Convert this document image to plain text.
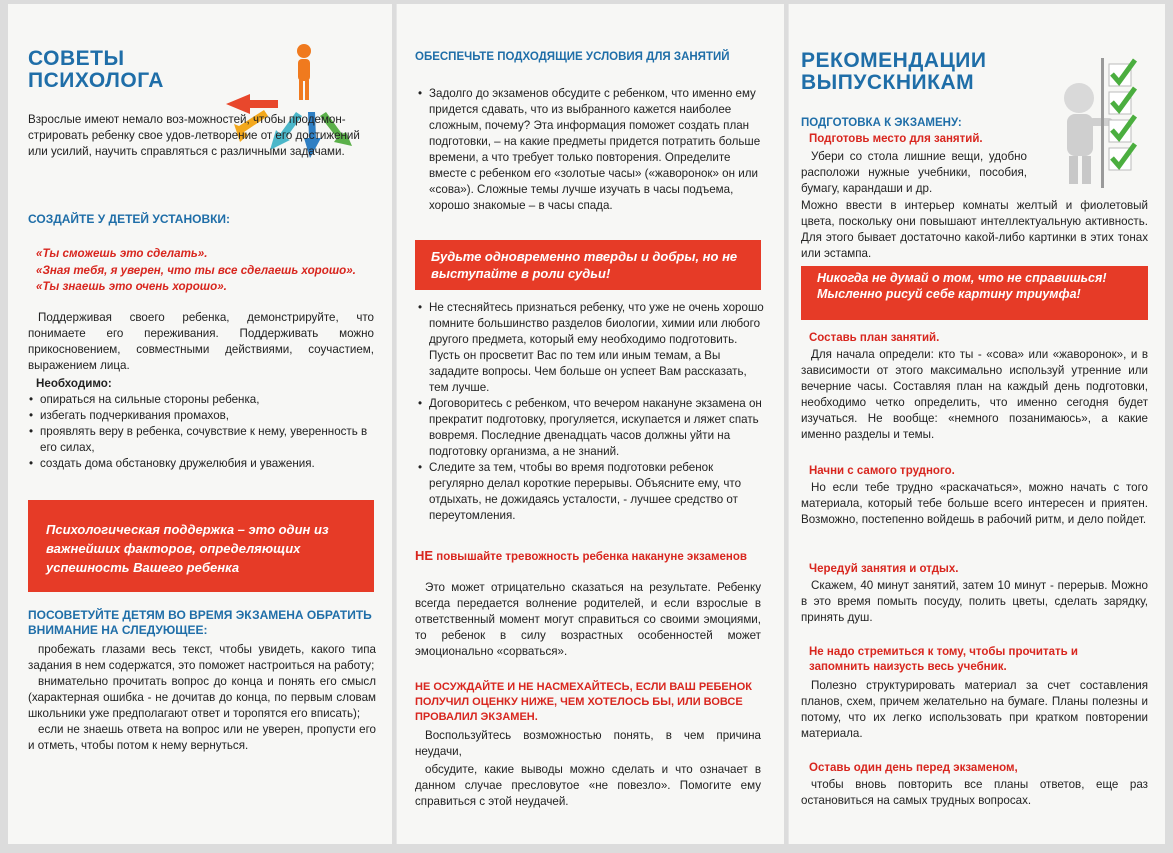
СОВЕТЫ
ПСИХОЛОГА

Взрослые имеют немало воз-можностей, чтобы продемон-стрировать ребенку свое удов-летворение от его достижений или усилий, научить справляться с различными задачами.

СОЗДАЙТЕ У ДЕТЕЙ УСТАНОВКИ:

«Ты сможешь это сделать».

«Зная тебя, я уверен, что ты все сделаешь хорошо».

«Ты знаешь это очень хорошо».

Поддерживая своего ребенка, демонстрируйте, что понимаете его переживания. Поддерживать можно прикосновением, совместными действиями, соучастием, выражением лица.

Необходимо:

• опираться на сильные стороны ребенка,
• избегать подчеркивания промахов,
• проявлять веру в ребенка, сочувствие к нему, уверенность в его силах,
• создать дома обстановку дружелюбия и уважения.
Психологическая поддержка – это один из важнейших факторов, определяющих успешность Вашего ребенка

ПОСОВЕТУЙТЕ ДЕТЯМ ВО ВРЕМЯ ЭКЗАМЕНА ОБРАТИТЬ ВНИМАНИЕ НА СЛЕДУЮЩЕЕ:

пробежать глазами весь текст, чтобы увидеть, какого типа задания в нем содержатся, это поможет настроиться на работу;

внимательно прочитать вопрос до конца и понять его смысл (характерная ошибка - не дочитав до конца, по первым словам школьники уже предполагают ответ и торопятся его вписать);

если не знаешь ответа на вопрос или не уверен, пропусти его и отметь, чтобы потом к нему вернуться.

ОБЕСПЕЧЬТЕ ПОДХОДЯЩИЕ УСЛОВИЯ ДЛЯ ЗАНЯТИЙ

• Задолго до экзаменов обсудите с ребенком, что именно ему придется сдавать, что из выбранного кажется наиболее сложным, почему? Эта информация поможет создать план подготовки, – на какие предметы придется потратить больше времени, а что требует только повторения. Определите вместе с ребенком его «золотые часы» («жаворонок» он или «сова»). Сложные темы лучше изучать в часы подъема, хорошо знакомые – в часы спада.
Будьте одновременно тверды и добры, но не выступайте в роли судьи!
• Не стесняйтесь признаться ребенку, что уже не очень хорошо помните большинство разделов биологии, химии или любого другого предмета, который ему необходимо подготовить. Пусть он просветит Вас по тем или иным темам, а Вы зададите вопросы. Чем больше он успеет Вам рассказать, тем лучше.
• Договоритесь с ребенком, что вечером накануне экзамена он прекратит подготовку, прогуляется, искупается и ляжет спать вовремя. Последние двенадцать часов должны уйти на подготовку организма, а не знаний.
• Следите за тем, чтобы во время подготовки ребенок регулярно делал короткие перерывы. Объясните ему, что отдыхать, не дожидаясь усталости, - лучшее средство от переутомления.

НЕ повышайте тревожность ребенка накануне экзаменов

Это может отрицательно сказаться на результате. Ребенку всегда передается волнение родителей, и если взрослые в ответственный момент могут справиться со своими эмоциями, то ребенок в силу возрастных особенностей может эмоционально «сорваться».

НЕ ОСУЖДАЙТЕ И НЕ НАСМЕХАЙТЕСЬ, ЕСЛИ ВАШ РЕБЕНОК ПОЛУЧИЛ ОЦЕНКУ НИЖЕ, ЧЕМ ХОТЕЛОСЬ БЫ, ИЛИ ВОВСЕ ПРОВАЛИЛ ЭКЗАМЕН.

Воспользуйтесь возможностью понять, в чем причина неудачи,

обсудите, какие выводы можно сделать и что означает в данном случае пресловутое «не повезло». Помогите ему справиться с этой неудачей.

РЕКОМЕНДАЦИИ
ВЫПУСКНИКАМ

ПОДГОТОВКА К ЭКЗАМЕНУ:

Подготовь место для занятий.

Убери со стола лишние вещи, удобно расположи нужные учебники, пособия, бумагу, карандаши и др.

Можно ввести в интерьер комнаты желтый и фиолетовый цвета, поскольку они повышают интеллектуальную активность. Для этого бывает достаточно какой-либо картинки в этих тонах или эстампа.

Никогда не думай о том, что не справишься! Мысленно рисуй себе картину триумфа!

Составь план занятий.

Для начала определи: кто ты - «сова» или «жаворонок», и в зависимости от этого максимально используй утренние или вечерние часы. Составляя план на каждый день подготовки, необходимо четко определить, что именно сегодня будет изучаться. Не вообще: «немного позанимаюсь», а какие именно разделы и темы.

Начни с самого трудного.

Но если тебе трудно «раскачаться», можно начать с того материала, который тебе больше всего интересен и приятен. Возможно, постепенно войдешь в рабочий ритм, и дело пойдет.

Чередуй занятия и отдых.

Скажем, 40 минут занятий, затем 10 минут - перерыв. Можно в это время помыть посуду, полить цветы, сделать зарядку, принять душ.

Не надо стремиться к тому, чтобы прочитать и запомнить наизусть весь учебник.

Полезно структурировать материал за счет составления планов, схем, причем желательно на бумаге. Планы полезны и потому, что их легко использовать при кратком повторении материала.

Оставь один день перед экзаменом,

чтобы вновь повторить все планы ответов, еще раз остановиться на самых трудных вопросах.
